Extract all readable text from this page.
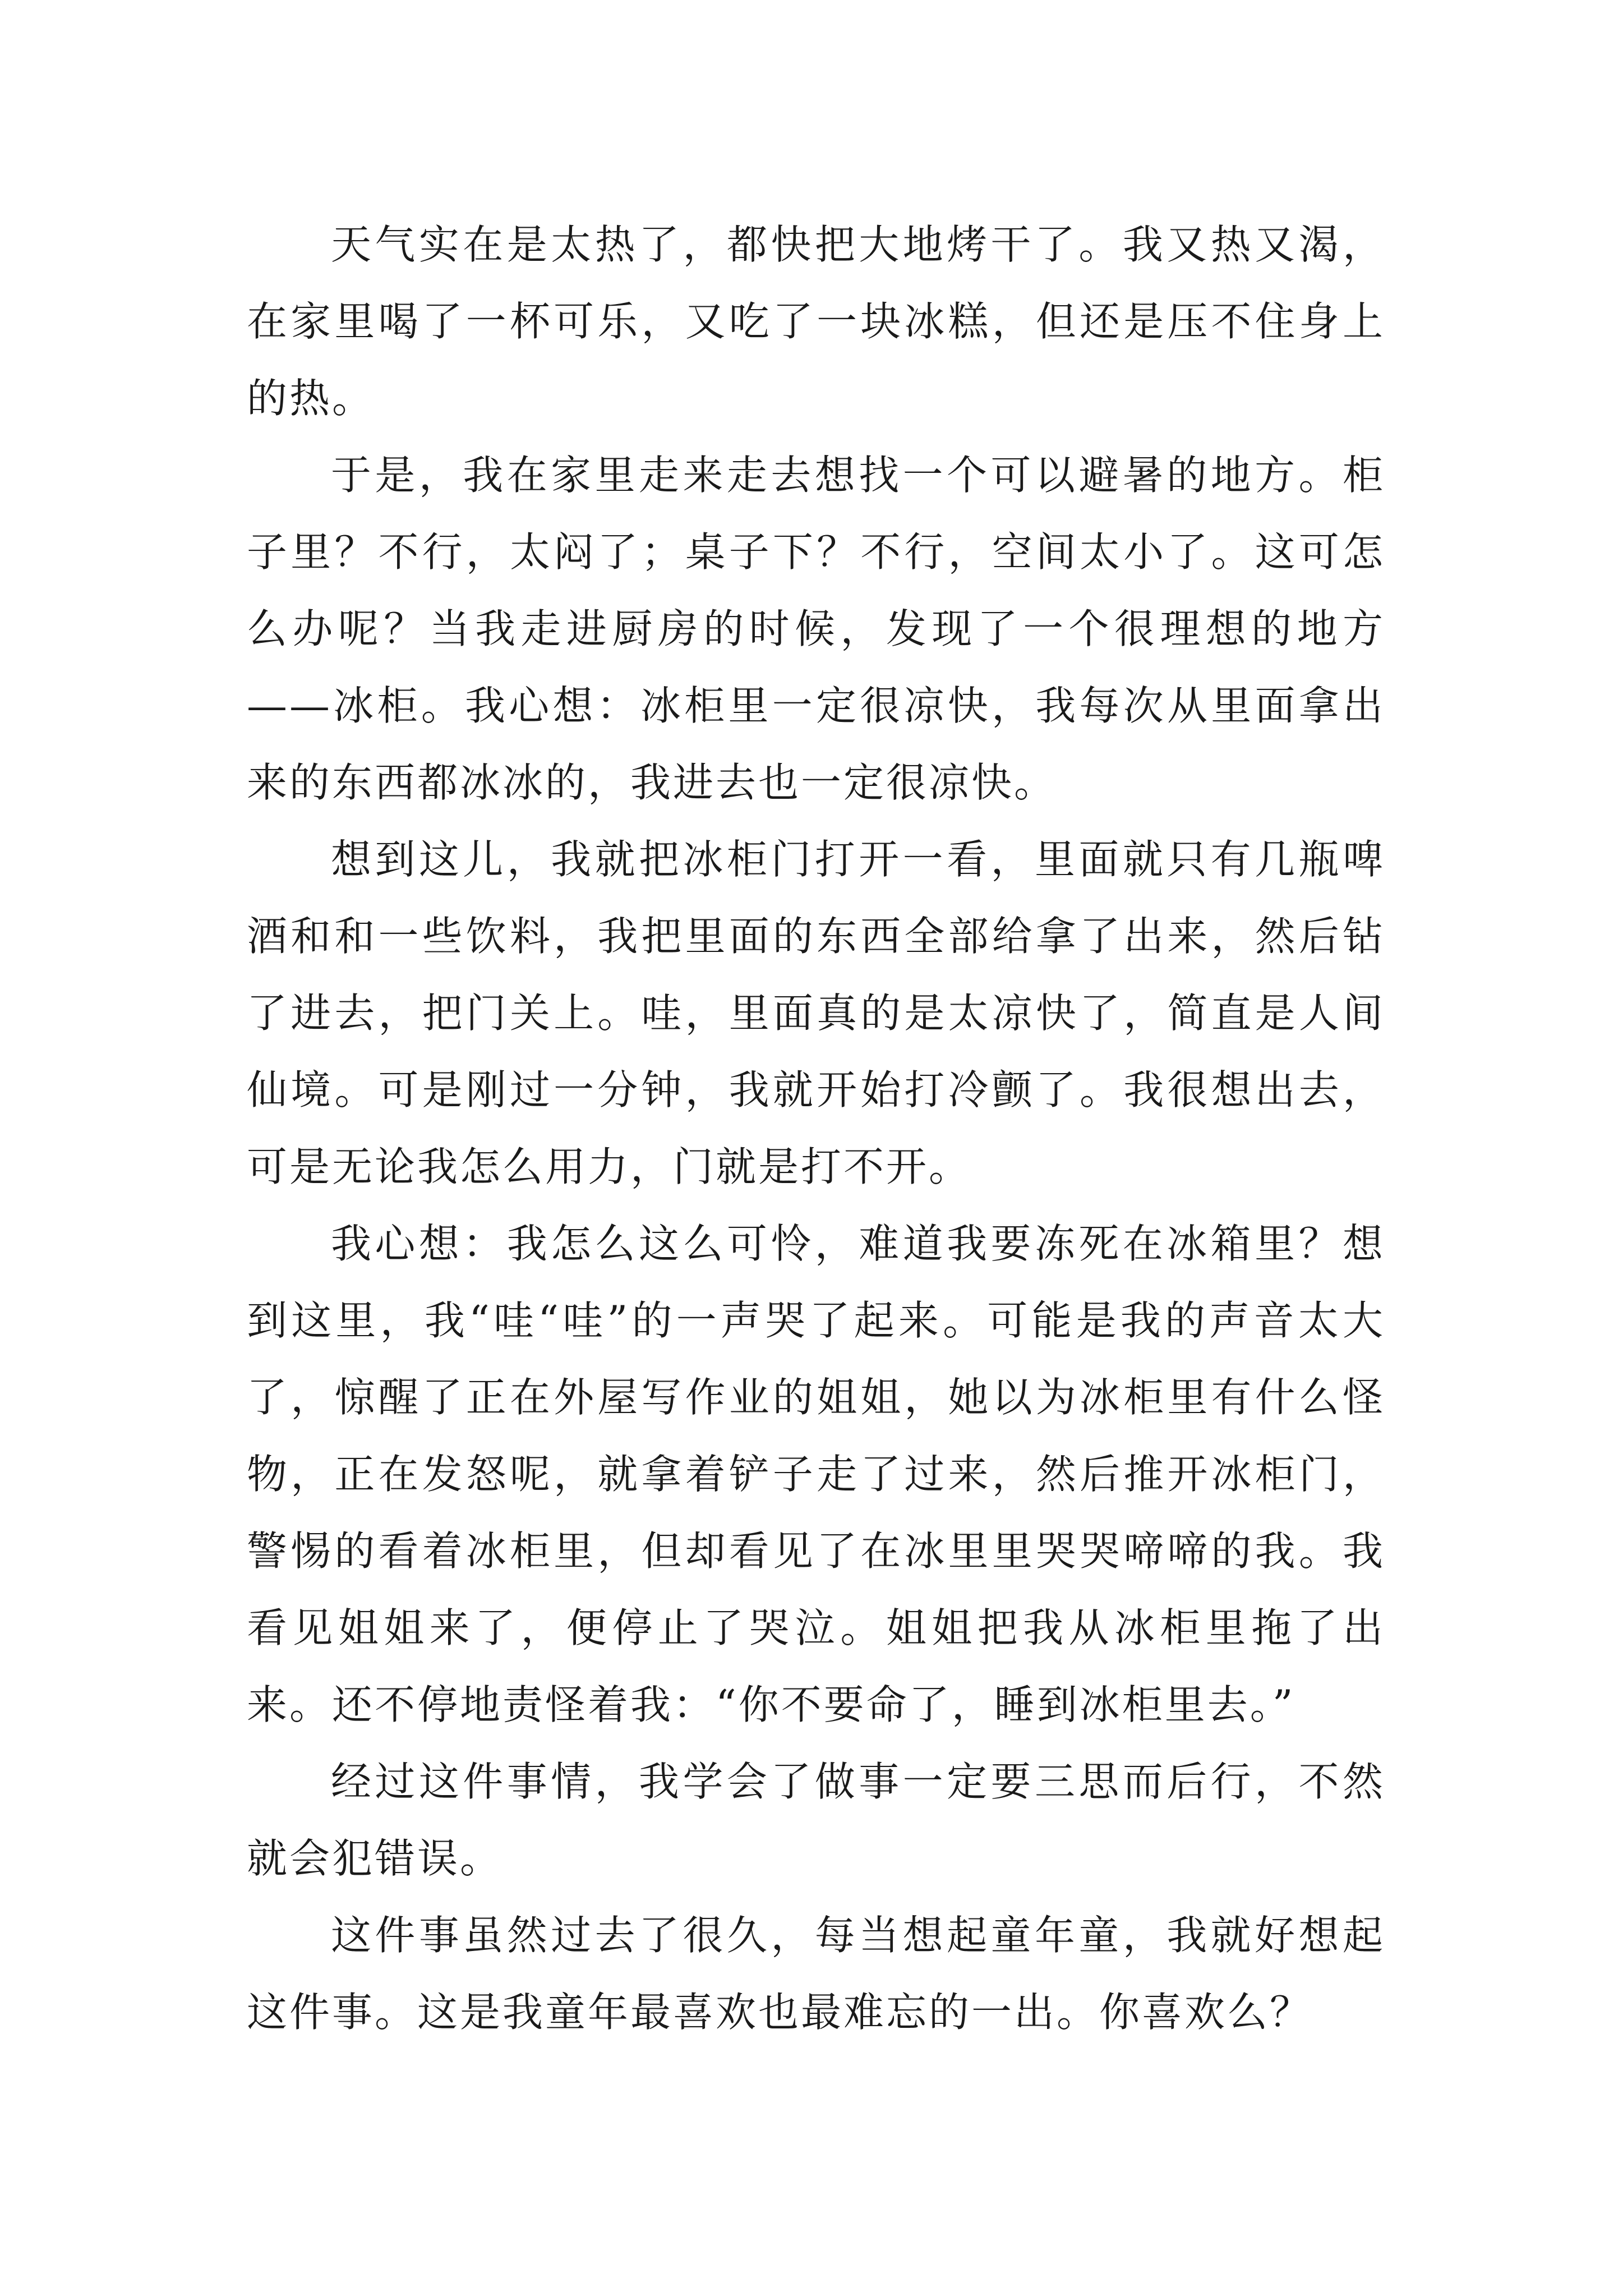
天气实在是太热了，都快把大地烤干了。我又热又渴，在家里喝了一杯可乐，又吃了一块冰糕，但还是压不住身上的热。

于是，我在家里走来走去想找一个可以避暑的地方。柜子里？不行，太闷了；桌子下？不行，空间太小了。这可怎么办呢？当我走进厨房的时候，发现了一个很理想的地方——冰柜。我心想：冰柜里一定很凉快，我每次从里面拿出来的东西都冰冰的，我进去也一定很凉快。

想到这儿，我就把冰柜门打开一看，里面就只有几瓶啤酒和和一些饮料，我把里面的东西全部给拿了出来，然后钻了进去，把门关上。哇，里面真的是太凉快了，简直是人间仙境。可是刚过一分钟，我就开始打冷颤了。我很想出去，可是无论我怎么用力，门就是打不开。

我心想：我怎么这么可怜，难道我要冻死在冰箱里？想到这里，我“哇“哇”的一声哭了起来。可能是我的声音太大了，惊醒了正在外屋写作业的姐姐，她以为冰柜里有什么怪物，正在发怒呢，就拿着铲子走了过来，然后推开冰柜门，警惕的看着冰柜里，但却看见了在冰里里哭哭啼啼的我。我看见姐姐来了，便停止了哭泣。姐姐把我从冰柜里拖了出来。还不停地责怪着我：“你不要命了，睡到冰柜里去。”

经过这件事情，我学会了做事一定要三思而后行，不然就会犯错误。

这件事虽然过去了很久，每当想起童年童，我就好想起这件事。这是我童年最喜欢也最难忘的一出。你喜欢么？
